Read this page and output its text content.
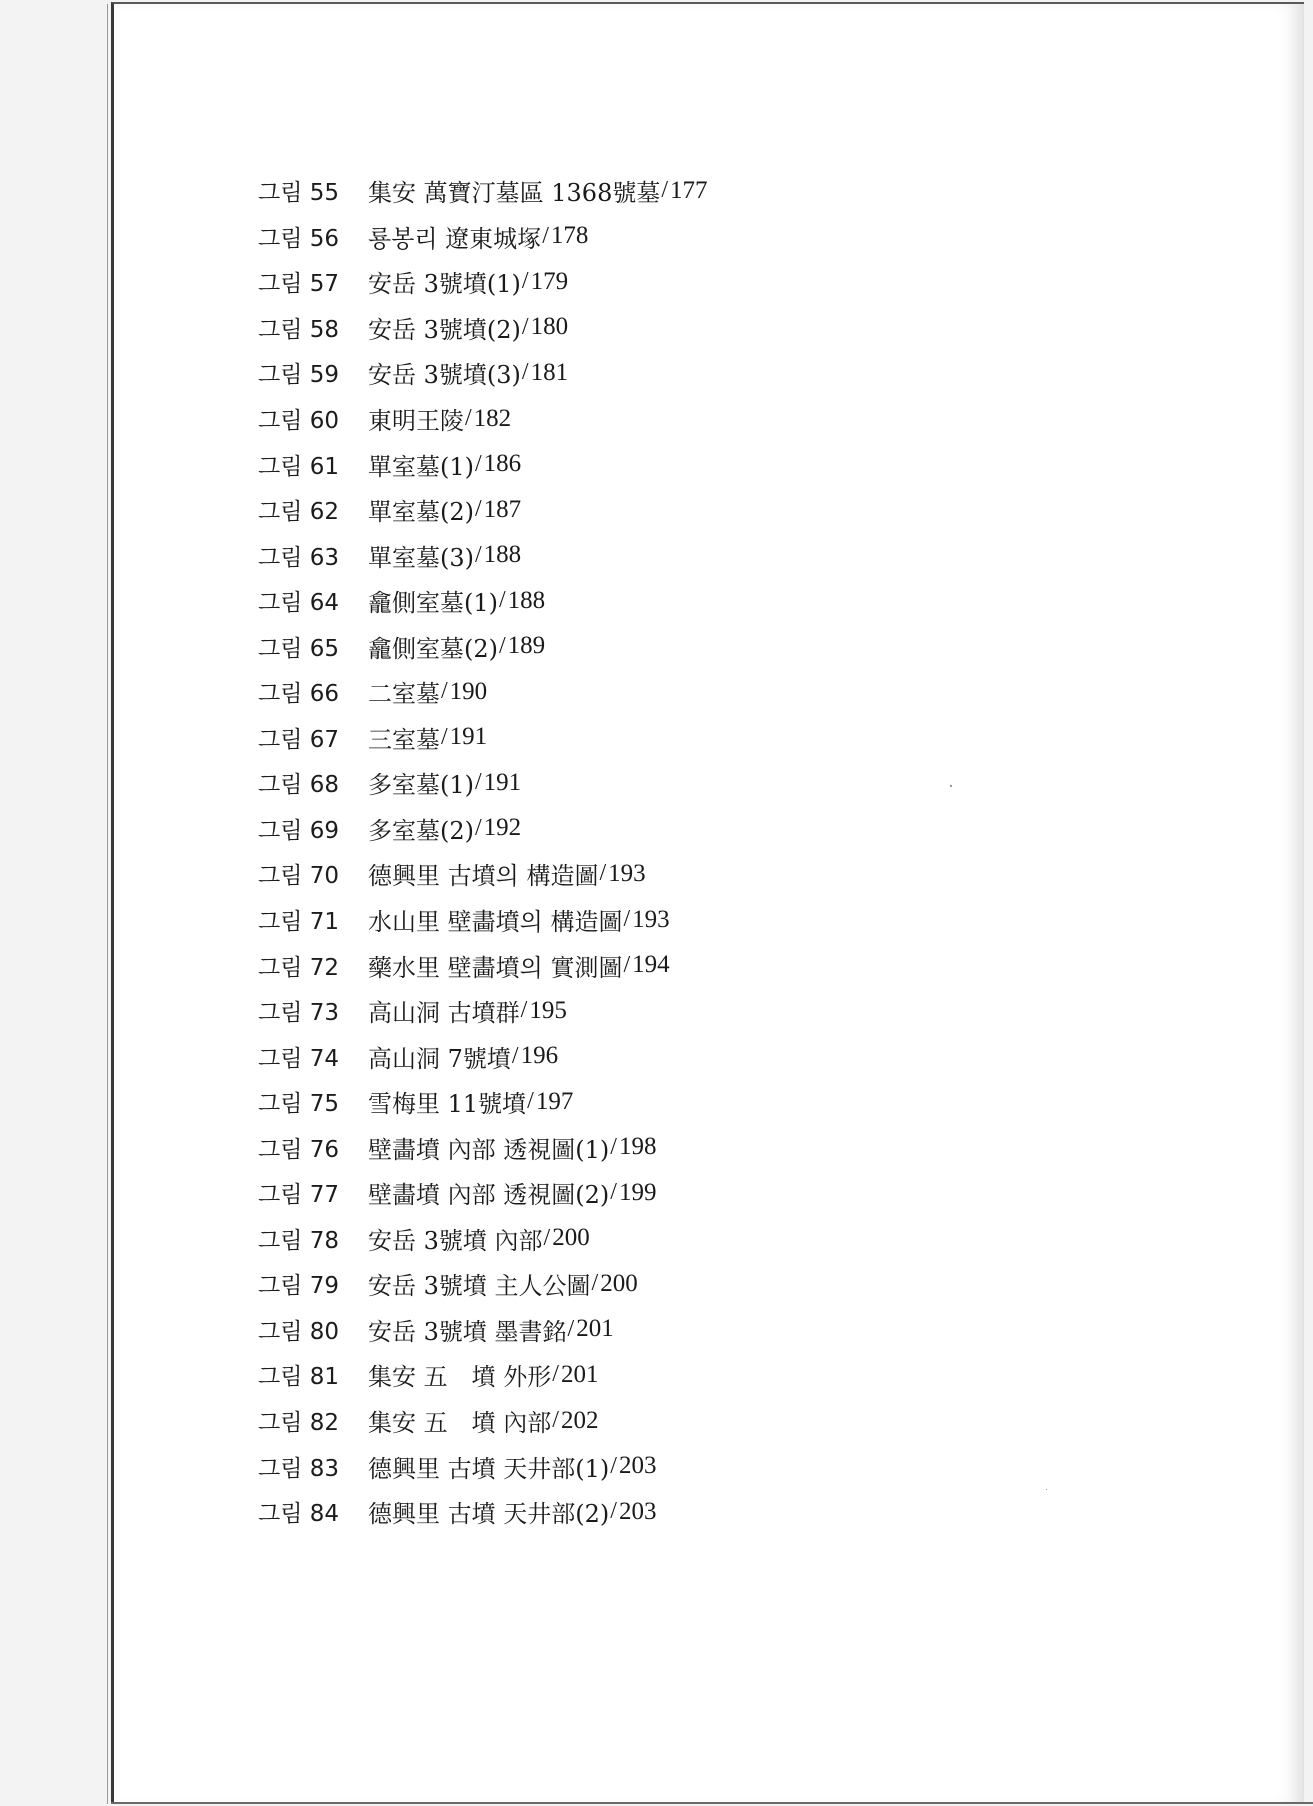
그림 55	集安 萬寶汀墓區 1368號墓 / 177
그림 56	룡봉리 遼東城塚 / 178
그림 57	安岳 3號墳(1) / 179
그림 58	安岳 3號墳(2) / 180
그림 59	安岳 3號墳(3) / 181
그림 60	東明王陵 / 182
그림 61	單室墓(1) / 186
그림 62	單室墓(2) / 187
그림 63	單室墓(3) / 188
그림 64	龕側室墓(1) / 188
그림 65	龕側室墓(2) / 189
그림 66	二室墓 / 190
그림 67	三室墓 / 191
그림 68	多室墓(1) / 191
그림 69	多室墓(2) / 192
그림 70	德興里 古墳의 構造圖 / 193
그림 71	水山里 壁畵墳의 構造圖 / 193
그림 72	藥水里 壁畵墳의 實測圖 / 194
그림 73	高山洞 古墳群 / 195
그림 74	高山洞 7號墳 / 196
그림 75	雪梅里 11號墳 / 197
그림 76	壁畵墳 內部 透視圖(1) / 198
그림 77	壁畵墳 內部 透視圖(2) / 199
그림 78	安岳 3號墳 內部 / 200
그림 79	安岳 3號墳 主人公圖 / 200
그림 80	安岳 3號墳 墨書銘 / 201
그림 81	集安 五　墳 外形 / 201
그림 82	集安 五　墳 內部 / 202
그림 83	德興里 古墳 天井部(1) / 203
그림 84	德興里 古墳 天井部(2) / 203
